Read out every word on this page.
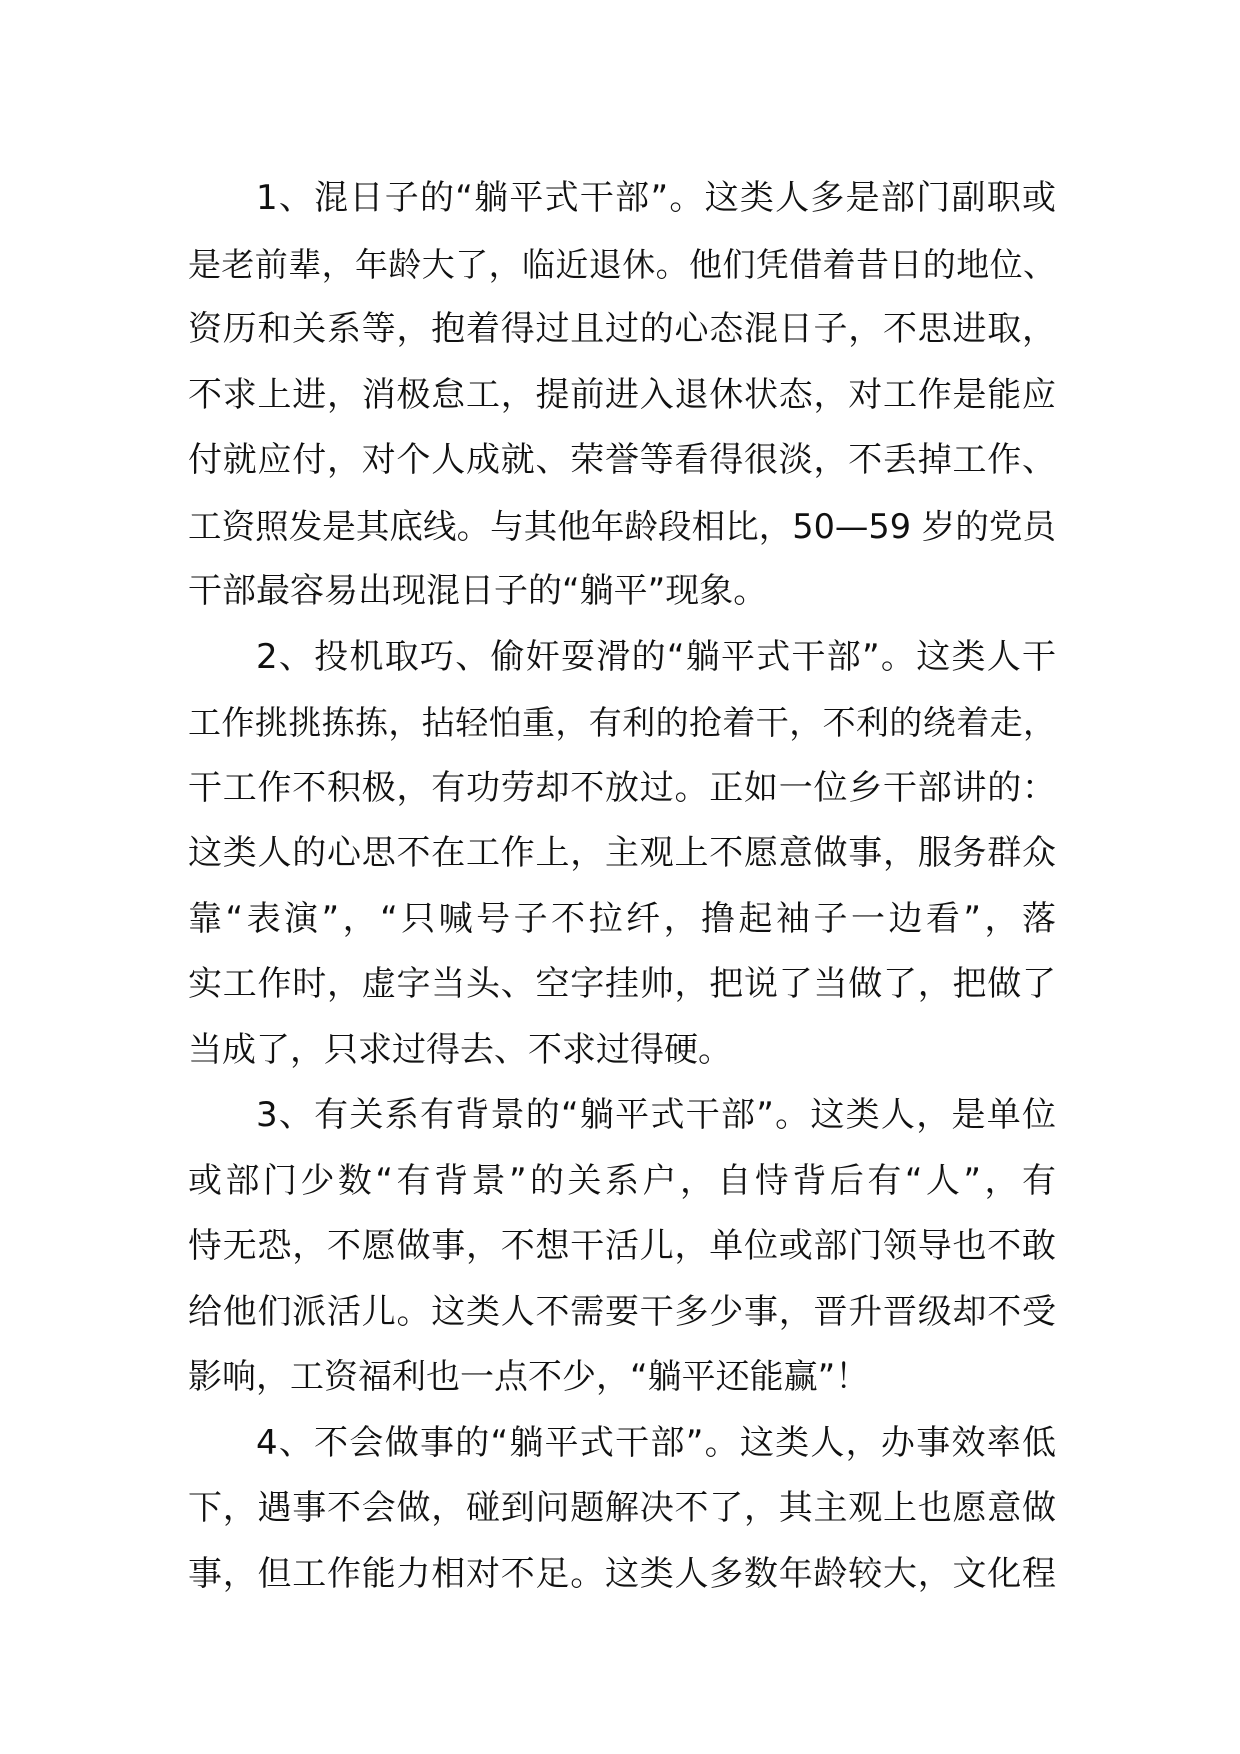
1、混日子的“躺平式干部”。这类人多是部门副职或
是老前辈，年龄大了，临近退休。他们凭借着昔日的地位、
资历和关系等，抱着得过且过的心态混日子，不思进取，
不求上进，消极怠工，提前进入退休状态，对工作是能应
付就应付，对个人成就、荣誉等看得很淡，不丢掉工作、
工资照发是其底线。与其他年龄段相比，50—59 岁的党员
干部最容易出现混日子的“躺平”现象。
2、投机取巧、偷奸耍滑的“躺平式干部”。这类人干
工作挑挑拣拣，拈轻怕重，有利的抢着干，不利的绕着走，
干工作不积极，有功劳却不放过。正如一位乡干部讲的：
这类人的心思不在工作上，主观上不愿意做事，服务群众
靠“表演”，“只喊号子不拉纤，撸起袖子一边看”，落
实工作时，虚字当头、空字挂帅，把说了当做了，把做了
当成了，只求过得去、不求过得硬。
3、有关系有背景的“躺平式干部”。这类人，是单位
或部门少数“有背景”的关系户，自恃背后有“人”，有
恃无恐，不愿做事，不想干活儿，单位或部门领导也不敢
给他们派活儿。这类人不需要干多少事，晋升晋级却不受
影响，工资福利也一点不少，“躺平还能赢”！
4、不会做事的“躺平式干部”。这类人，办事效率低
下，遇事不会做，碰到问题解决不了，其主观上也愿意做
事，但工作能力相对不足。这类人多数年龄较大，文化程
